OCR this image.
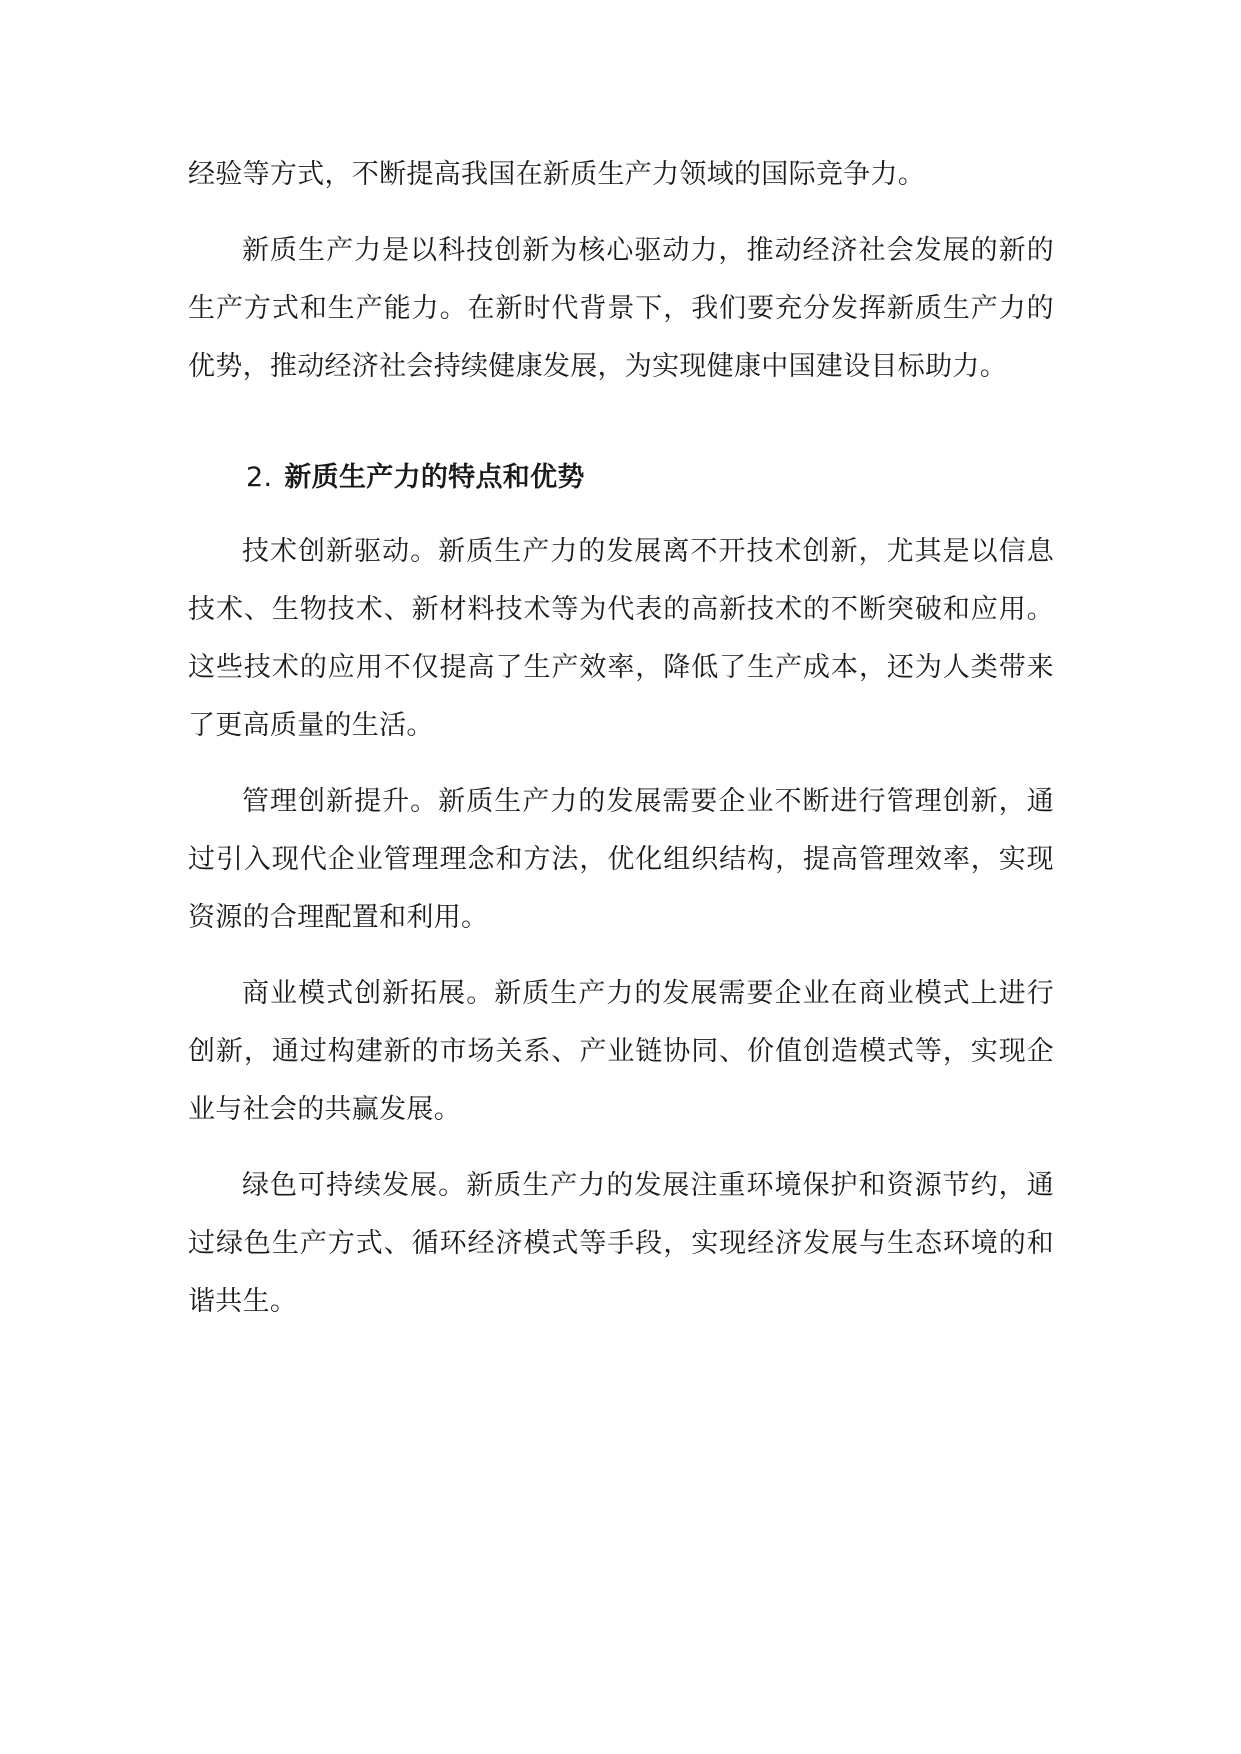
经验等方式，不断提高我国在新质生产力领域的国际竞争力。

新质生产力是以科技创新为核心驱动力，推动经济社会发展的新的生产方式和生产能力。在新时代背景下，我们要充分发挥新质生产力的优势，推动经济社会持续健康发展，为实现健康中国建设目标助力。

2. 新质生产力的特点和优势

技术创新驱动。新质生产力的发展离不开技术创新，尤其是以信息技术、生物技术、新材料技术等为代表的高新技术的不断突破和应用。这些技术的应用不仅提高了生产效率，降低了生产成本，还为人类带来了更高质量的生活。

管理创新提升。新质生产力的发展需要企业不断进行管理创新，通过引入现代企业管理理念和方法，优化组织结构，提高管理效率，实现资源的合理配置和利用。

商业模式创新拓展。新质生产力的发展需要企业在商业模式上进行创新，通过构建新的市场关系、产业链协同、价值创造模式等，实现企业与社会的共赢发展。

绿色可持续发展。新质生产力的发展注重环境保护和资源节约，通过绿色生产方式、循环经济模式等手段，实现经济发展与生态环境的和谐共生。
